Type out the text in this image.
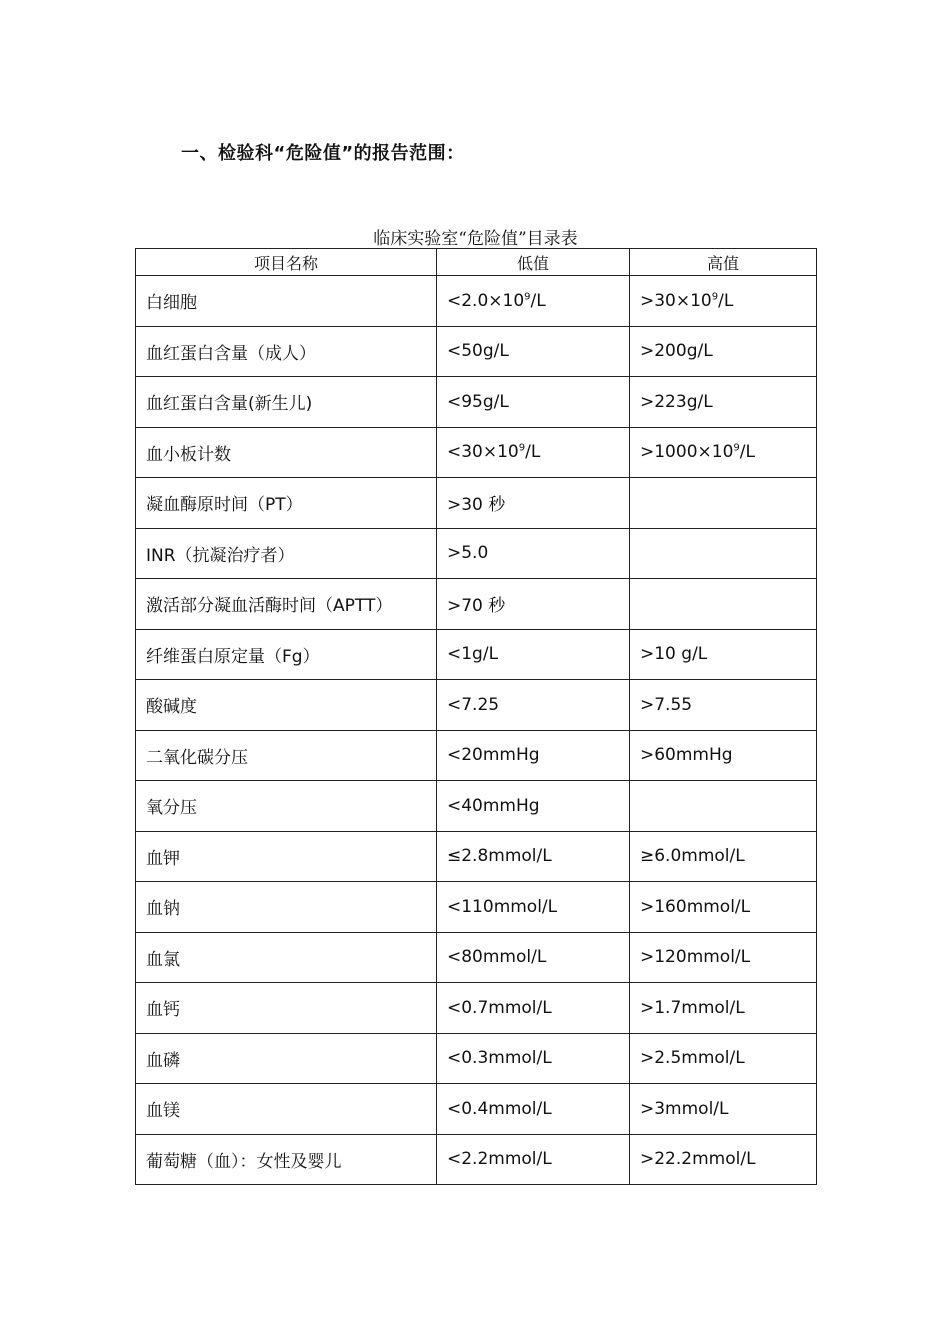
一、检验科“危险值”的报告范围：
临床实验室“危险值”目录表
项目名称	低值	高值
白细胞	$<2.0\times 10^9/L$	$>30\times 10^9/L$
血红蛋白含量（成人）	<50g/L	>200g/L
血红蛋白含量(新生儿)	<95g/L	>223g/L
血小板计数	$<30\times 10^9/L$	$>1000\times 10^9/L$
凝血酶原时间（PT）	>30 秒	
INR（抗凝治疗者）	>5.0	
激活部分凝血活酶时间（APTT）	>70 秒	
纤维蛋白原定量（Fg）	<1g/L	>10 g/L
酸碱度	<7.25	>7.55
二氧化碳分压	<20mmHg	>60mmHg
氧分压	<40mmHg	
血钾	≤2.8mmol/L	≥6.0mmol/L
血钠	<110mmol/L	>160mmol/L
血氯	<80mmol/L	>120mmol/L
血钙	<0.7mmol/L	>1.7mmol/L
血磷	<0.3mmol/L	>2.5mmol/L
血镁	<0.4mmol/L	>3mmol/L
葡萄糖（血）：女性及婴儿	<2.2mmol/L	>22.2mmol/L
